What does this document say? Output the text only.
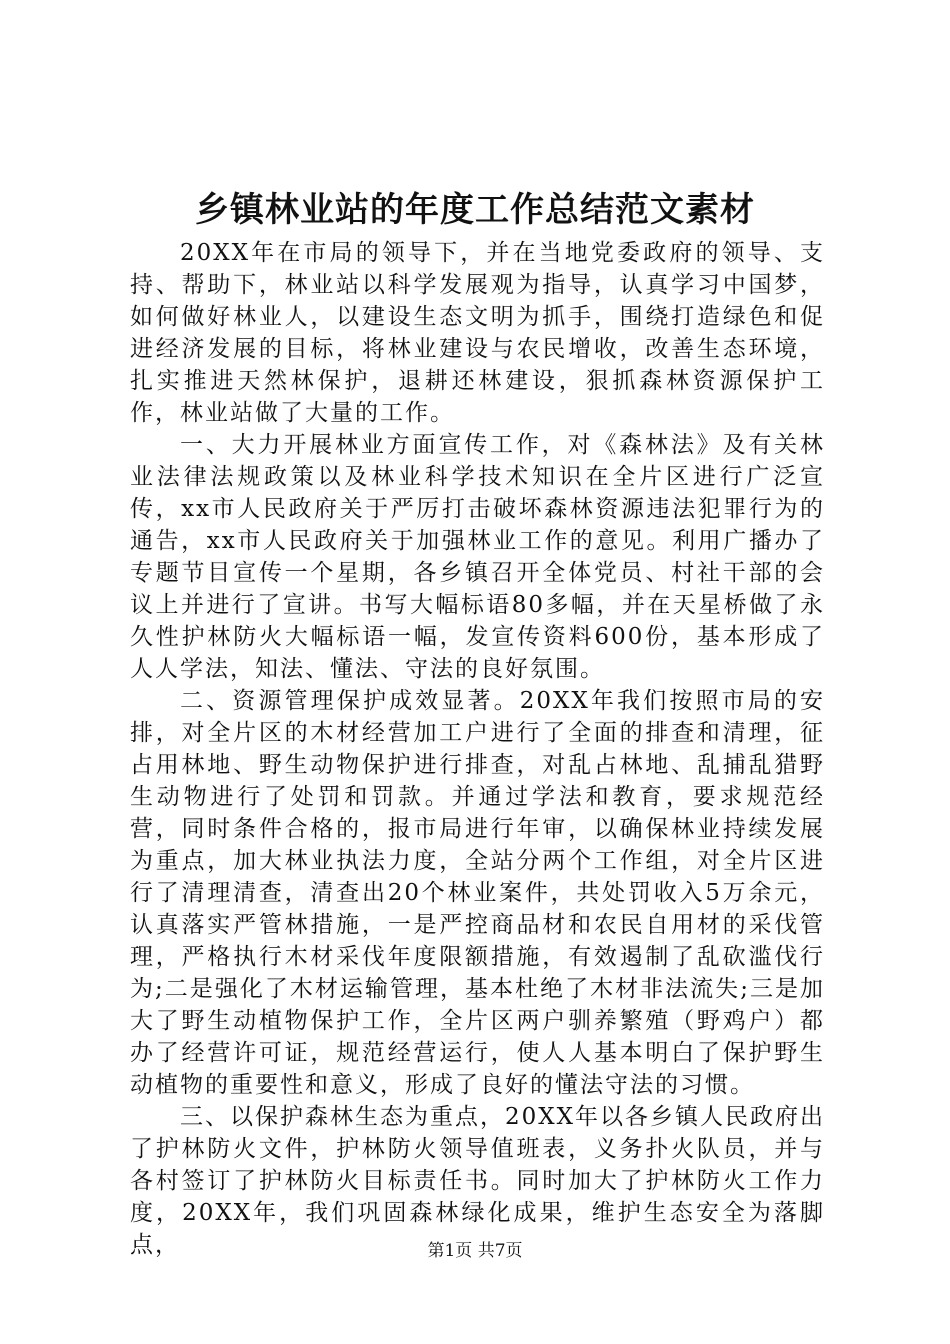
乡镇林业站的年度工作总结范文素材

20XX年在市局的领导下，并在当地党委政府的领导、支持、帮助下，林业站以科学发展观为指导，认真学习中国梦，如何做好林业人，以建设生态文明为抓手，围绕打造绿色和促进经济发展的目标，将林业建设与农民增收，改善生态环境，扎实推进天然林保护，退耕还林建设，狠抓森林资源保护工作，林业站做了大量的工作。

一、大力开展林业方面宣传工作，对《森林法》及有关林业法律法规政策以及林业科学技术知识在全片区进行广泛宣传，xx市人民政府关于严厉打击破坏森林资源违法犯罪行为的通告，xx市人民政府关于加强林业工作的意见。利用广播办了专题节目宣传一个星期，各乡镇召开全体党员、村社干部的会议上并进行了宣讲。书写大幅标语80多幅，并在天星桥做了永久性护林防火大幅标语一幅，发宣传资料600份，基本形成了人人学法，知法、懂法、守法的良好氛围。

二、资源管理保护成效显著。20XX年我们按照市局的安排，对全片区的木材经营加工户进行了全面的排查和清理，征占用林地、野生动物保护进行排查，对乱占林地、乱捕乱猎野生动物进行了处罚和罚款。并通过学法和教育，要求规范经营，同时条件合格的，报市局进行年审，以确保林业持续发展为重点，加大林业执法力度，全站分两个工作组，对全片区进行了清理清查，清查出20个林业案件，共处罚收入5万余元，认真落实严管林措施，一是严控商品材和农民自用材的采伐管理，严格执行木材采伐年度限额措施，有效遏制了乱砍滥伐行为;二是强化了木材运输管理，基本杜绝了木材非法流失;三是加大了野生动植物保护工作，全片区两户驯养繁殖（野鸡户）都办了经营许可证，规范经营运行，使人人基本明白了保护野生动植物的重要性和意义，形成了良好的懂法守法的习惯。

三、以保护森林生态为重点，20XX年以各乡镇人民政府出了护林防火文件，护林防火领导值班表，义务扑火队员，并与各村签订了护林防火目标责任书。同时加大了护林防火工作力度，20XX年，我们巩固森林绿化成果，维护生态安全为落脚点，	第1页 共7页
